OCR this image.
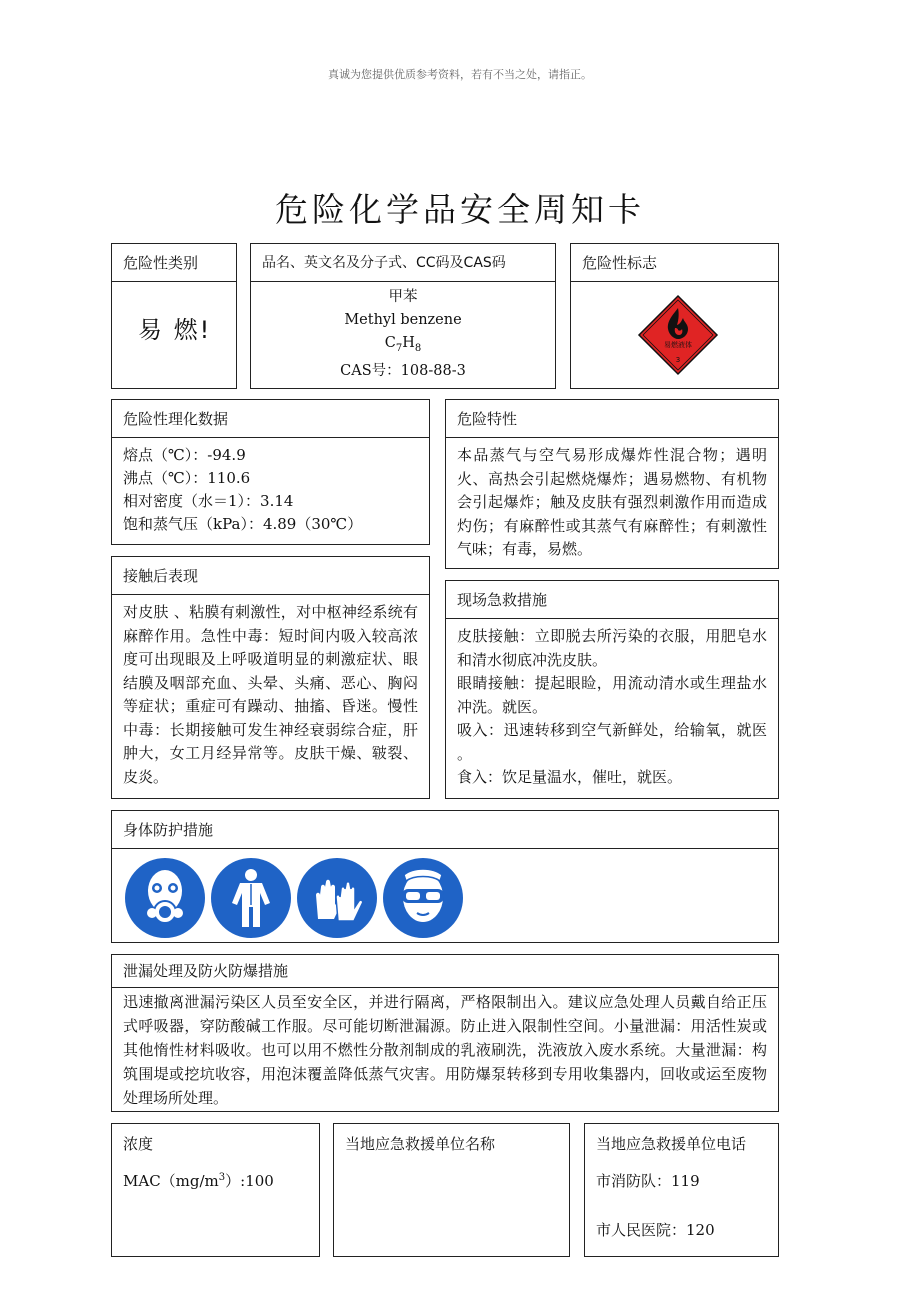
真诚为您提供优质参考资料，若有不当之处，请指正。
危险化学品安全周知卡
危险性类别
易 燃!
品名、英文名及分子式、CC码及CAS码
甲苯
Methyl benzene
$C_7H_8$
CAS号：108-88-3
危险性标志
易燃液体
3
危险性理化数据

熔点（℃）：-94.9

沸点（℃）：110.6

相对密度（水＝1）：3.14

饱和蒸气压（kPa）：4.89（30℃）

接触后表现
对皮肤 、粘膜有刺激性，对中枢神经系统有麻醉作用。急性中毒：短时间内吸入较高浓度可出现眼及上呼吸道明显的刺激症状、眼结膜及咽部充血、头晕、头痛、恶心、胸闷等症状；重症可有躁动、抽搐、昏迷。慢性中毒：长期接触可发生神经衰弱综合症，肝肿大，女工月经异常等。皮肤干燥、皲裂、皮炎。
危险特性
本品蒸气与空气易形成爆炸性混合物；遇明火、高热会引起燃烧爆炸；遇易燃物、有机物会引起爆炸；触及皮肤有强烈刺激作用而造成灼伤；有麻醉性或其蒸气有麻醉性；有刺激性气味；有毒，易燃。
现场急救措施

皮肤接触：立即脱去所污染的衣服，用肥皂水和清水彻底冲洗皮肤。

眼睛接触：提起眼睑，用流动清水或生理盐水冲洗。就医。

吸入：迅速转移到空气新鲜处，给输氧，就医 。

食入：饮足量温水，催吐，就医。

身体防护措施
泄漏处理及防火防爆措施
迅速撤离泄漏污染区人员至安全区，并进行隔离，严格限制出入。建议应急处理人员戴自给正压式呼吸器，穿防酸碱工作服。尽可能切断泄漏源。防止进入限制性空间。小量泄漏：用活性炭或其他惰性材料吸收。也可以用不燃性分散剂制成的乳液刷洗，洗液放入废水系统。大量泄漏：构筑围堤或挖坑收容，用泡沫覆盖降低蒸气灾害。用防爆泵转移到专用收集器内，回收或运至废物处理场所处理。
浓度
$MAC(mg/m^3):100$
当地应急救援单位名称	当地应急救援单位电话
市消防队：119
市人民医院：120
